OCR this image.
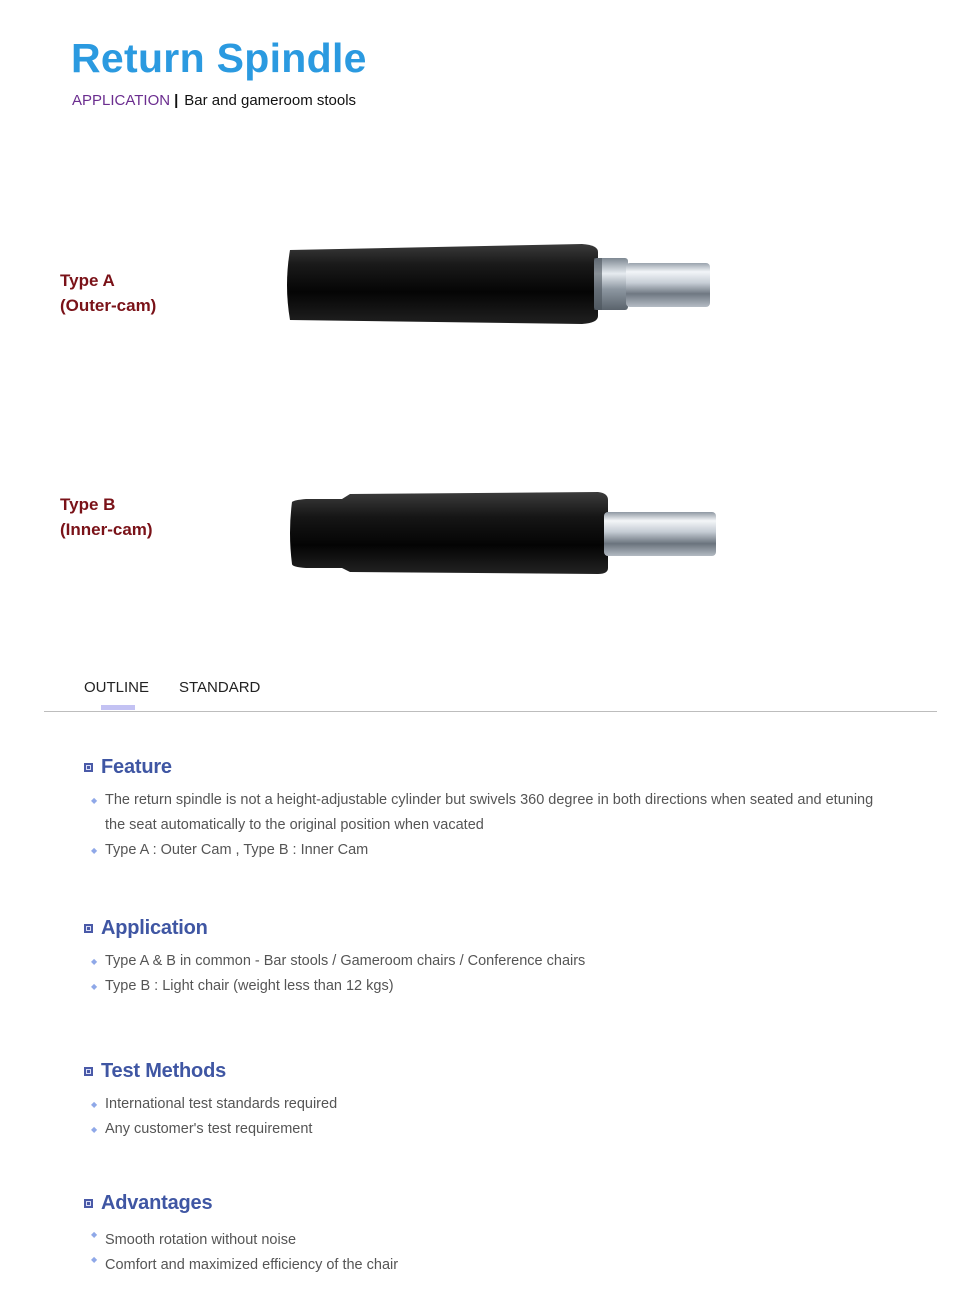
Return Spindle
APPLICATION | Bar and gameroom stools
Type A
(Outer-cam)
Type B
(Inner-cam)
OUTLINE STANDARD
Feature
◆ The return spindle is not a height-adjustable cylinder but swivels 360 degree in both directions when seated and etuning the seat automatically to the original position when vacated
◆ Type A : Outer Cam , Type B : Inner Cam
Application
◆ Type A & B in common - Bar stools / Gameroom chairs / Conference chairs
◆ Type B : Light chair (weight less than 12 kgs)
Test Methods
◆ International test standards required
◆ Any customer's test requirement
Advantages
◆ Smooth rotation without noise
◆ Comfort and maximized efficiency of the chair
